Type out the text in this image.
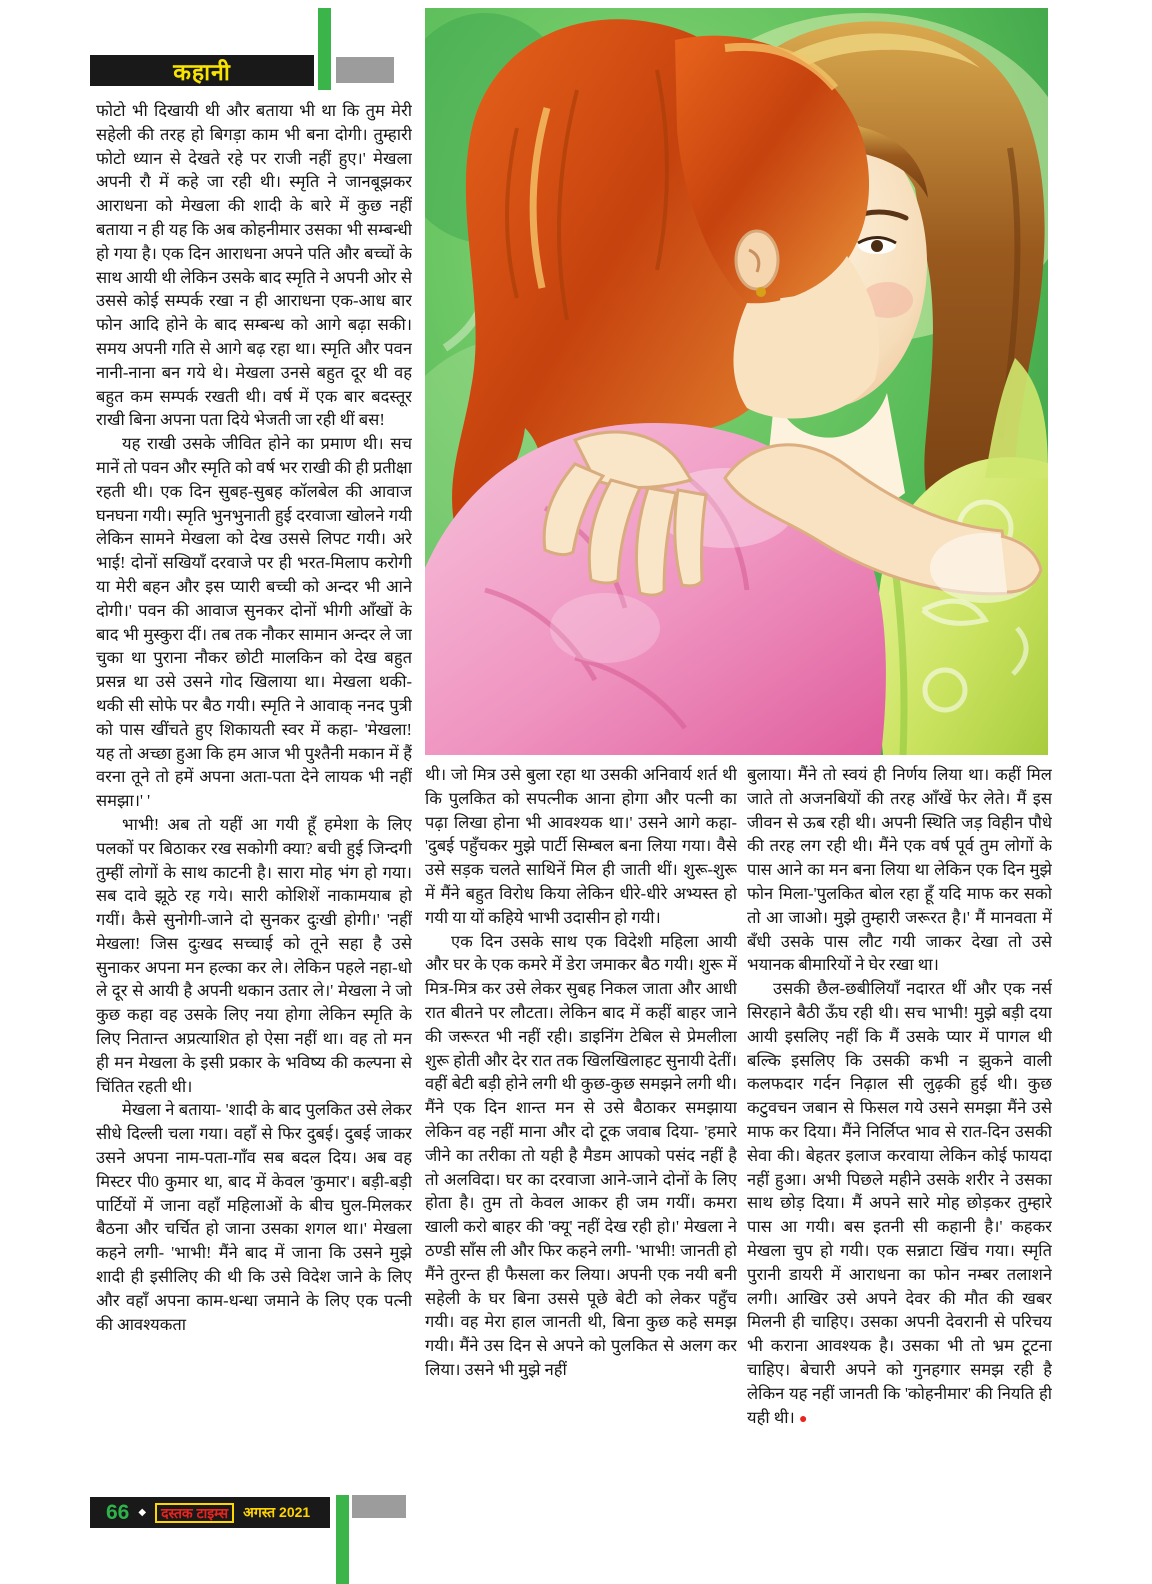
कहानी

फोटो भी दिखायी थी और बताया भी था कि तुम मेरी सहेली की तरह हो बिगड़ा काम भी बना दोगी। तुम्हारी फोटो ध्यान से देखते रहे पर राजी नहीं हुए।' मेखला अपनी रौ में कहे जा रही थी। स्मृति ने जानबूझकर आराधना को मेखला की शादी के बारे में कुछ नहीं बताया न ही यह कि अब कोहनीमार उसका भी सम्बन्धी हो गया है। एक दिन आराधना अपने पति और बच्चों के साथ आयी थी लेकिन उसके बाद स्मृति ने अपनी ओर से उससे कोई सम्पर्क रखा न ही आराधना एक-आध बार फोन आदि होने के बाद सम्बन्ध को आगे बढ़ा सकी। समय अपनी गति से आगे बढ़ रहा था। स्मृति और पवन नानी-नाना बन गये थे। मेखला उनसे बहुत दूर थी वह बहुत कम सम्पर्क रखती थी। वर्ष में एक बार बदस्तूर राखी बिना अपना पता दिये भेजती जा रही थीं बस!

यह राखी उसके जीवित होने का प्रमाण थी। सच मानें तो पवन और स्मृति को वर्ष भर राखी की ही प्रतीक्षा रहती थी। एक दिन सुबह-सुबह कॉलबेल की आवाज घनघना गयी। स्मृति भुनभुनाती हुई दरवाजा खोलने गयी लेकिन सामने मेखला को देख उससे लिपट गयी। अरे भाई! दोनों सखियाँ दरवाजे पर ही भरत-मिलाप करोगी या मेरी बहन और इस प्यारी बच्ची को अन्दर भी आने दोगी।' पवन की आवाज सुनकर दोनों भीगी आँखों के बाद भी मुस्कुरा दीं। तब तक नौकर सामान अन्दर ले जा चुका था पुराना नौकर छोटी मालकिन को देख बहुत प्रसन्न था उसे उसने गोद खिलाया था। मेखला थकी-थकी सी सोफे पर बैठ गयी। स्मृति ने आवाक् ननद पुत्री को पास खींचते हुए शिकायती स्वर में कहा- 'मेखला! यह तो अच्छा हुआ कि हम आज भी पुश्तैनी मकान में हैं वरना तूने तो हमें अपना अता-पता देने लायक भी नहीं समझा।' '

भाभी! अब तो यहीं आ गयी हूँ हमेशा के लिए पलकों पर बिठाकर रख सकोगी क्या? बची हुई जिन्दगी तुम्हीं लोगों के साथ काटनी है। सारा मोह भंग हो गया। सब दावे झूठे रह गये। सारी कोशिशें नाकामयाब हो गयीं। कैसे सुनोगी-जाने दो सुनकर दुःखी होगी।' 'नहीं मेखला! जिस दुःखद सच्चाई को तूने सहा है उसे सुनाकर अपना मन हल्का कर ले। लेकिन पहले नहा-धो ले दूर से आयी है अपनी थकान उतार ले।' मेखला ने जो कुछ कहा वह उसके लिए नया होगा लेकिन स्मृति के लिए नितान्त अप्रत्याशित हो ऐसा नहीं था। वह तो मन ही मन मेखला के इसी प्रकार के भविष्य की कल्पना से चिंतित रहती थी।

मेखला ने बताया- 'शादी के बाद पुलकित उसे लेकर सीधे दिल्ली चला गया। वहाँ से फिर दुबई। दुबई जाकर उसने अपना नाम-पता-गाँव सब बदल दिय। अब वह मिस्टर पी0 कुमार था, बाद में केवल 'कुमार'। बड़ी-बड़ी पार्टियों में जाना वहाँ महिलाओं के बीच घुल-मिलकर बैठना और चर्चित हो जाना उसका शगल था।' मेखला कहने लगी- 'भाभी! मैंने बाद में जाना कि उसने मुझे शादी ही इसीलिए की थी कि उसे विदेश जाने के लिए और वहाँ अपना काम-धन्धा जमाने के लिए एक पत्नी की आवश्यकता

थी। जो मित्र उसे बुला रहा था उसकी अनिवार्य शर्त थी कि पुलकित को सपत्नीक आना होगा और पत्नी का पढ़ा लिखा होना भी आवश्यक था।' उसने आगे कहा- 'दुबई पहुँचकर मुझे पार्टी सिम्बल बना लिया गया। वैसे उसे सड़क चलते साथिनें मिल ही जाती थीं। शुरू-शुरू में मैंने बहुत विरोध किया लेकिन धीरे-धीरे अभ्यस्त हो गयी या यों कहिये भाभी उदासीन हो गयी।

एक दिन उसके साथ एक विदेशी महिला आयी और घर के एक कमरे में डेरा जमाकर बैठ गयी। शुरू में मित्र-मित्र कर उसे लेकर सुबह निकल जाता और आधी रात बीतने पर लौटता। लेकिन बाद में कहीं बाहर जाने की जरूरत भी नहीं रही। डाइनिंग टेबिल से प्रेमलीला शुरू होती और देर रात तक खिलखिलाहट सुनायी देतीं। वहीं बेटी बड़ी होने लगी थी कुछ-कुछ समझने लगी थी। मैंने एक दिन शान्त मन से उसे बैठाकर समझाया लेकिन वह नहीं माना और दो टूक जवाब दिया- 'हमारे जीने का तरीका तो यही है मैडम आपको पसंद नहीं है तो अलविदा। घर का दरवाजा आने-जाने दोनों के लिए होता है। तुम तो केवल आकर ही जम गयीं। कमरा खाली करो बाहर की 'क्यू' नहीं देख रही हो।' मेखला ने ठण्डी साँस ली और फिर कहने लगी- 'भाभी! जानती हो मैंने तुरन्त ही फैसला कर लिया। अपनी एक नयी बनी सहेली के घर बिना उससे पूछे बेटी को लेकर पहुँच गयी। वह मेरा हाल जानती थी, बिना कुछ कहे समझ गयी। मैंने उस दिन से अपने को पुलकित से अलग कर लिया। उसने भी मुझे नहीं

बुलाया। मैंने तो स्वयं ही निर्णय लिया था। कहीं मिल जाते तो अजनबियों की तरह आँखें फेर लेते। मैं इस जीवन से ऊब रही थी। अपनी स्थिति जड़ विहीन पौधे की तरह लग रही थी। मैंने एक वर्ष पूर्व तुम लोगों के पास आने का मन बना लिया था लेकिन एक दिन मुझे फोन मिला-'पुलकित बोल रहा हूँ यदि माफ कर सको तो आ जाओ। मुझे तुम्हारी जरूरत है।' मैं मानवता में बँधी उसके पास लौट गयी जाकर देखा तो उसे भयानक बीमारियों ने घेर रखा था।

उसकी छैल-छबीलियाँ नदारत थीं और एक नर्स सिरहाने बैठी ऊँघ रही थी। सच भाभी! मुझे बड़ी दया आयी इसलिए नहीं कि मैं उसके प्यार में पागल थी बल्कि इसलिए कि उसकी कभी न झुकने वाली कलफदार गर्दन निढ़ाल सी लुढ़की हुई थी। कुछ कटुवचन जबान से फिसल गये उसने समझा मैंने उसे माफ कर दिया। मैंने निर्लिप्त भाव से रात-दिन उसकी सेवा की। बेहतर इलाज करवाया लेकिन कोई फायदा नहीं हुआ। अभी पिछले महीने उसके शरीर ने उसका साथ छोड़ दिया। मैं अपने सारे मोह छोड़कर तुम्हारे पास आ गयी। बस इतनी सी कहानी है।' कहकर मेखला चुप हो गयी। एक सन्नाटा खिंच गया। स्मृति पुरानी डायरी में आराधना का फोन नम्बर तलाशने लगी। आखिर उसे अपने देवर की मौत की खबर मिलनी ही चाहिए। उसका अपनी देवरानी से परिचय भी कराना आवश्यक है। उसका भी तो भ्रम टूटना चाहिए। बेचारी अपने को गुनहगार समझ रही है लेकिन यह नहीं जानती कि 'कोहनीमार' की नियति ही यही थी। ●

66 ◆	दस्तक टाइम्स	अगस्त 2021
